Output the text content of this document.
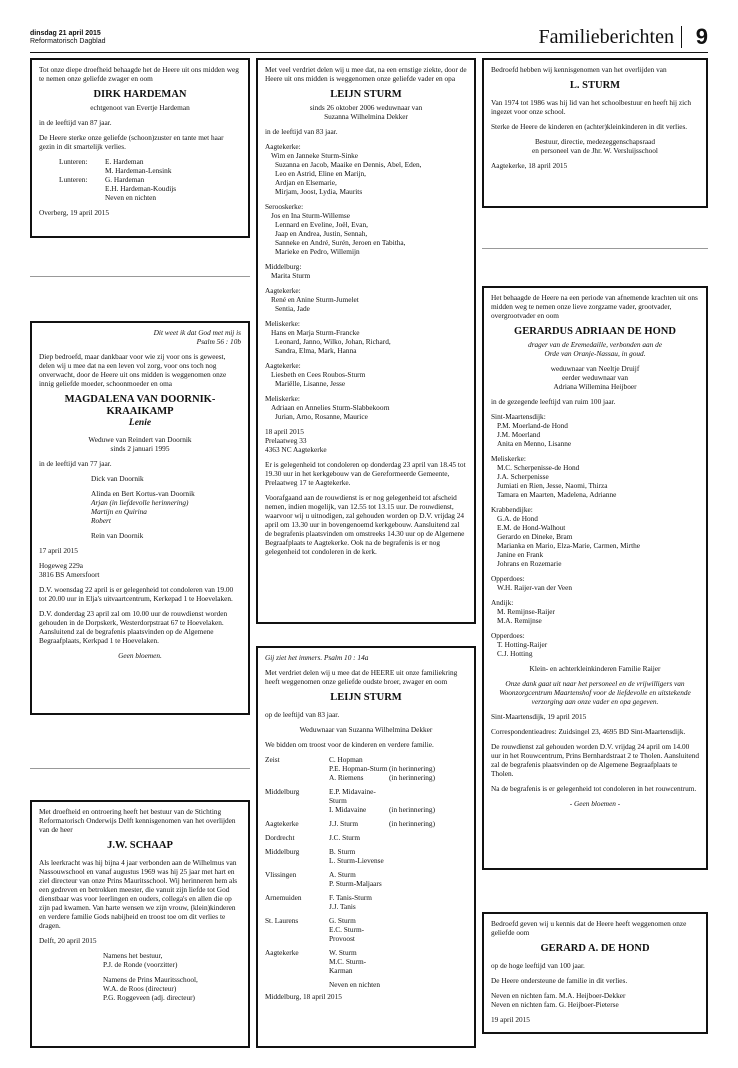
dinsdag 21 april 2015
Reformatorisch Dagblad	Familieberichten 9

Tot onze diepe droefheid behaagde het de Heere uit ons midden weg te nemen onze geliefde zwager en oom

DIRK HARDEMAN
echtgenoot van Evertje Hardeman

in de leeftijd van 87 jaar.

De Heere sterke onze geliefde (schoon)zuster en tante met haar gezin in dit smartelijk verlies.

Lunteren:	E. Hardeman
M. Hardeman-Lensink
Lunteren:	G. Hardeman
E.H. Hardeman-Koudijs
Neven en nichten
Overberg, 19 april 2015
Dit weet ik dat God met mij is
Psalm 56 : 10b

Diep bedroefd, maar dankbaar voor wie zij voor ons is geweest, delen wij u mee dat na een leven vol zorg, voor ons toch nog onverwacht, door de Heere uit ons midden is weggenomen onze innig geliefde moeder, schoonmoeder en oma

MAGDALENA VAN DOORNIK-
KRAAIKAMP
Lenie
Weduwe van Reindert van Doornik
sinds 2 januari 1995

in de leeftijd van 77 jaar.

Dick van Doornik

Alinda en Bert Kortus-van Doornik
Arjan (in liefdevolle herinnering)
Martijn en Quirina

Robert

Rein van Doornik

17 april 2015

Hogeweg 229a

3816 BS Amersfoort

D.V. woensdag 22 april is er gelegenheid tot condoleren van 19.00 tot 20.00 uur in Elja's uitvaartcentrum, Kerkepad 1 te Hoevelaken.

D.V. donderdag 23 april zal om 10.00 uur de rouwdienst worden gehouden in de Dorpskerk, Westerdorpstraat 67 te Hoevelaken. Aansluitend zal de begrafenis plaatsvinden op de Algemene Begraafplaats, Kerkpad 1 te Hoevelaken.

Geen bloemen.

Met droefheid en ontroering heeft het bestuur van de Stichting Reformatorisch Onderwijs Delft kennisgenomen van het overlijden van de heer

J.W. SCHAAP

Als leerkracht was hij bijna 4 jaar verbonden aan de Wilhelmus van Nassouwschool en vanaf augustus 1969 was hij 25 jaar met hart en ziel directeur van onze Prins Mauritsschool. Wij herinneren hem als een gedreven en betrokken meester, die vanuit zijn liefde tot God dienstbaar was voor leerlingen en ouders, collega's en allen die op zijn pad kwamen. Van harte wensen we zijn vrouw, (klein)kinderen en verdere familie Gods nabijheid en troost toe om dit verlies te dragen.

Delft, 20 april 2015

Namens het bestuur,

P.J. de Ronde (voorzitter)

Namens de Prins Mauritsschool,
W.A. de Roos (directeur)
P.G. Roggeveen (adj. directeur)

Met veel verdriet delen wij u mee dat, na een ernstige ziekte, door de Heere uit ons midden is weggenomen onze geliefde vader en opa

LEIJN STURM
sinds 26 oktober 2006 weduwnaar van
Suzanna Wilhelmina Dekker

in de leeftijd van 83 jaar.

Aagtekerke:
Wim en Janneke Sturm-Sinke
Suzanna en Jacob, Maaike en Dennis, Abel, Eden,
Leo en Astrid, Eline en Marijn,
Ardjan en Elsemarie,
Mirjam, Joost, Lydia, Maurits
Serooskerke:
Jos en Ina Sturm-Willemse
Lennard en Eveline, Joël, Evan,
Jaap en Andrea, Justin, Sennah,
Sanneke en André, Surén, Jeroen en Tabitha,
Marieke en Pedro, Willemijn
Middelburg:
Marita Sturm
Aagtekerke:
René en Anine Sturm-Jumelet
Sentia, Jade
Meliskerke:
Hans en Marja Sturm-Francke
Leonard, Janno, Wilko, Johan, Richard,
Sandra, Elma, Mark, Hanna
Aagtekerke:
Liesbeth en Cees Roubos-Sturm
Mariëlle, Lisanne, Jesse
Meliskerke:
Adriaan en Annelies Sturm-Slabbekoorn
Jurian, Arno, Rosanne, Maurice
18 april 2015
Prelaatweg 33

4363 NC Aagtekerke

Er is gelegenheid tot condoleren op donderdag 23 april van 18.45 tot 19.30 uur in het kerkgebouw van de Gereformeerde Gemeente, Prelaatweg 17 te Aagtekerke.

Voorafgaand aan de rouwdienst is er nog gelegenheid tot afscheid nemen, indien mogelijk, van 12.55 tot 13.15 uur. De rouwdienst, waarvoor wij u uitnodigen, zal gehouden worden op D.V. vrijdag 24 april om 13.30 uur in bovengenoemd kerkgebouw. Aansluitend zal de begrafenis plaatsvinden om omstreeks 14.30 uur op de Algemene Begraafplaats te Aagtekerke. Ook na de begrafenis is er nog gelegenheid tot condoleren in de kerk.

Gij ziet het immers. Psalm 10 : 14a

Met verdriet delen wij u mee dat de HEERE uit onze familiekring heeft weggenomen onze geliefde oudste broer, zwager en oom

LEIJN STURM

op de leeftijd van 83 jaar.

Weduwnaar van Suzanna Wilhelmina Dekker

We bidden om troost voor de kinderen en verdere familie.

Zeist	C. Hopman
P.E. Hopman-Sturm (in herinnering)
A. Riemens	(in herinnering)
Middelburg	E.P. Midavaine- Sturm
I. Midavaine	(in herinnering)
Aagtekerke	J.J. Sturm	(in herinnering)
Dordrecht	J.C. Sturm
Middelburg	B. Sturm
L. Sturm-Lievense
Vlissingen	A. Sturm
P. Sturm-Maljaars
Arnemuiden	F. Tanis-Sturm
J.J. Tanis
St. Laurens	G. Sturm
E.C. Sturm-Provoost
Aagtekerke	W. Sturm
M.C. Sturm-Karman
Neven en nichten
Middelburg, 18 april 2015

Bedroefd hebben wij kennisgenomen van het overlijden van

L. STURM

Van 1974 tot 1986 was hij lid van het schoolbestuur en heeft hij zich ingezet voor onze school.

Sterke de Heere de kinderen en (achter)kleinkinderen in dit verlies.

Bestuur, directie, medezeggenschapsraad

en personeel van de Jhr. W. Versluijsschool

Aagtekerke, 18 april 2015

Het behaagde de Heere na een periode van afnemende krachten uit ons midden weg te nemen onze lieve zorgzame vader, grootvader, overgrootvader en oom

GERARDUS ADRIAAN DE HOND
drager van de Eremedaille, verbonden aan de
Orde van Oranje-Nassau, in goud.
weduwnaar van Neeltje Druijf
eerder weduwnaar van
Adriana Willemina Heijboer

in de gezegende leeftijd van ruim 100 jaar.

Sint-Maartensdijk:
P.M. Moerland-de Hond
J.M. Moerland
Anita en Menno, Lisanne
Meliskerke:
M.C. Scherpenisse-de Hond
J.A. Scherpenisse
Jumiati en Rien, Jesse, Naomi, Thirza
Tamara en Maarten, Madelena, Adrianne
Krabbendijke:
G.A. de Hond
E.M. de Hond-Walhout
Gerardo en Dineke, Bram
Marianka en Mario, Elza-Marie, Carmen, Mirthe
Janine en Frank
Johrans en Rozemarie
Opperdoes:
W.H. Raijer-van der Veen
Andijk:
M. Remijnse-Raijer
M.A. Remijnse
Opperdoes:
T. Hotting-Raijer
C.J. Hotting

Klein- en achterkleinkinderen Familie Raijer

Onze dank gaat uit naar het personeel en de vrijwilligers van Woonzorgcentrum Maartenshof voor de liefdevolle en uitstekende verzorging aan onze vader en opa gegeven.

Sint-Maartensdijk, 19 april 2015

Correspondentieadres: Zuidsingel 23, 4695 BD Sint-Maartensdijk.

De rouwdienst zal gehouden worden D.V. vrijdag 24 april om 14.00 uur in het Rouwcentrum, Prins Bernhardstraat 2 te Tholen. Aansluitend zal de begrafenis plaatsvinden op de Algemene Begraafplaats te Tholen.

Na de begrafenis is er gelegenheid tot condoleren in het rouwcentrum.

- Geen bloemen -

Bedroefd geven wij u kennis dat de Heere heeft weggenomen onze geliefde oom

GERARD A. DE HOND

op de hoge leeftijd van 100 jaar.

De Heere ondersteune de familie in dit verlies.

Neven en nichten fam. M.A. Heijboer-Dekker

Neven en nichten fam. G. Heijboer-Pieterse

19 april 2015
